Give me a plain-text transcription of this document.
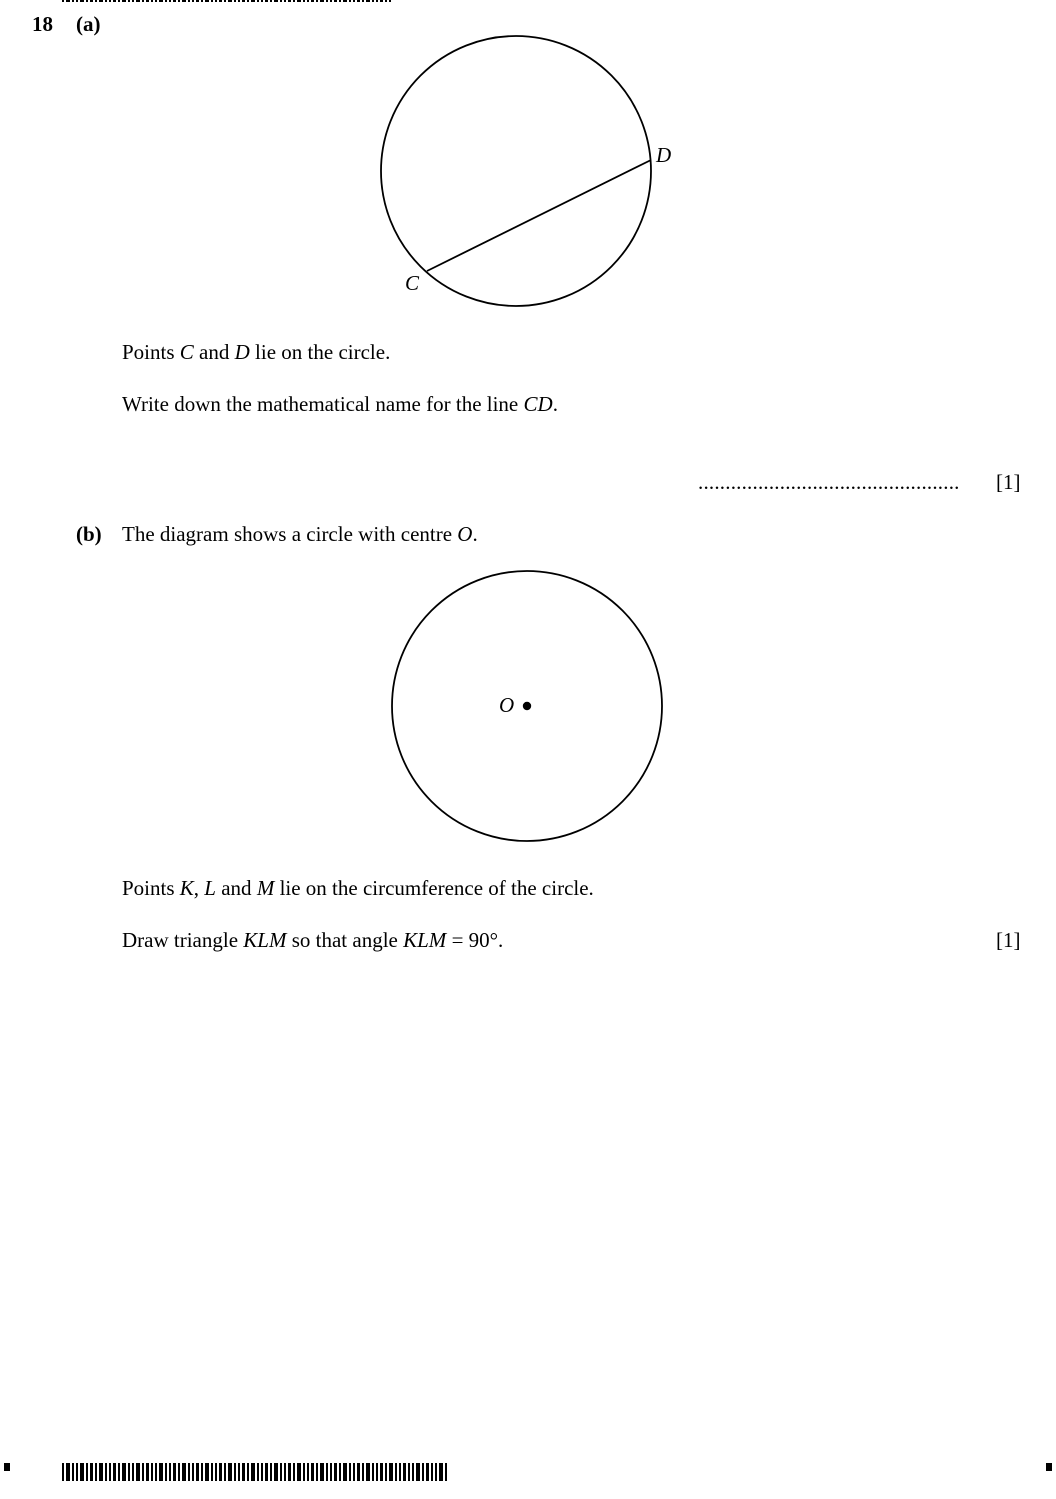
18 (a)
D
C
Points C and D lie on the circle.
Write down the mathematical name for the line CD.
................................................ [1]
(b) The diagram shows a circle with centre O.
O
Points K, L and M lie on the circumference of the circle.
Draw triangle KLM so that angle KLM = 90°.	[1]
